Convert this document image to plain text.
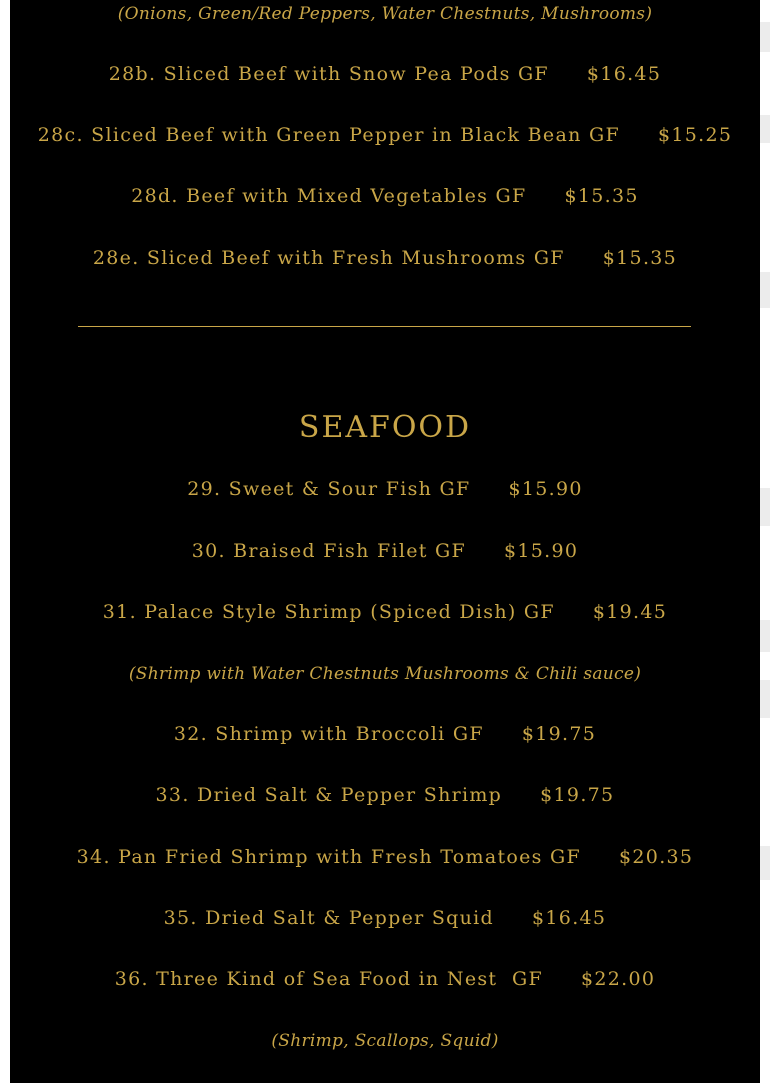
(Onions, Green/Red Peppers, Water Chestnuts, Mushrooms)
28b. Sliced Beef with Snow Pea Pods GF $16.45
28c. Sliced Beef with Green Pepper in Black Bean GF $15.25
28d. Beef with Mixed Vegetables GF $15.35
28e. Sliced Beef with Fresh Mushrooms GF $15.35
SEAFOOD
29. Sweet & Sour Fish GF $15.90
30. Braised Fish Filet GF $15.90
31. Palace Style Shrimp (Spiced Dish) GF $19.45
(Shrimp with Water Chestnuts Mushrooms & Chili sauce)
32. Shrimp with Broccoli GF $19.75
33. Dried Salt & Pepper Shrimp $19.75
34. Pan Fried Shrimp with Fresh Tomatoes GF $20.35
35. Dried Salt & Pepper Squid $16.45
36. Three Kind of Sea Food in Nest  GF $22.00
(Shrimp, Scallops, Squid)
